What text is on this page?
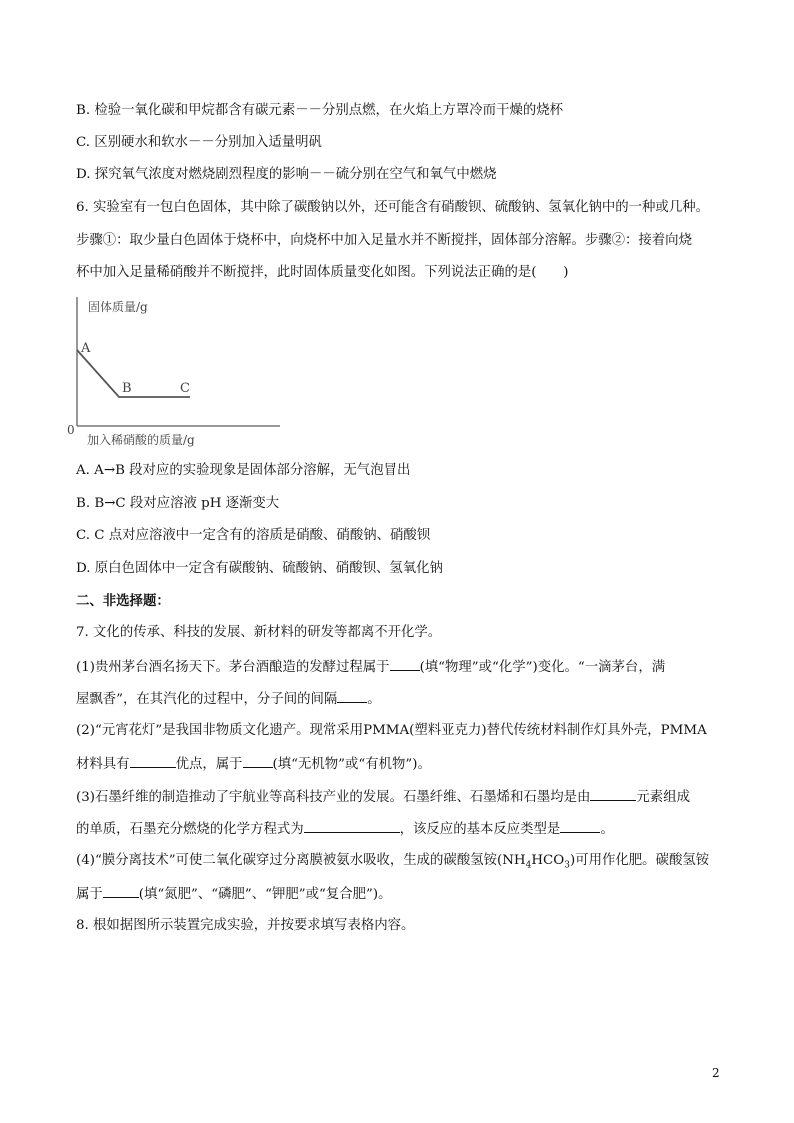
B. 检验一氧化碳和甲烷都含有碳元素－－分别点燃，在火焰上方罩冷而干燥的烧杯
C. 区别硬水和软水－－分别加入适量明矾
D. 探究氧气浓度对燃烧剧烈程度的影响－－硫分别在空气和氧气中燃烧
6. 实验室有一包白色固体，其中除了碳酸钠以外，还可能含有硝酸钡、硫酸钠、氢氧化钠中的一种或几种。
步骤①：取少量白色固体于烧杯中，向烧杯中加入足量水并不断搅拌，固体部分溶解。步骤②：接着向烧
杯中加入足量稀硝酸并不断搅拌，此时固体质量变化如图。下列说法正确的是(　　)
固体质量/g
加入稀硝酸的质量/g
0
A
B	C
A. A→B 段对应的实验现象是固体部分溶解，无气泡冒出
B. B→C 段对应溶液 pH 逐渐变大
C. C 点对应溶液中一定含有的溶质是硝酸、硝酸钠、硝酸钡
D. 原白色固体中一定含有碳酸钠、硫酸钠、硝酸钡、氢氧化钠
二、非选择题：
7. 文化的传承、科技的发展、新材料的研发等都离不开化学。
(1)贵州茅台酒名扬天下。茅台酒酿造的发酵过程属于 (填“物理”或“化学”)变化。“一滴茅台，满
屋飘香”，在其汽化的过程中，分子间的间隔 。
(2)“元宵花灯”是我国非物质文化遗产。现常采用PMMA(塑料亚克力)替代传统材料制作灯具外壳，PMMA
材料具有	优点，属于 (填“无机物”或“有机物”)。
(3)石墨纤维的制造推动了宇航业等高科技产业的发展。石墨纤维、石墨烯和石墨均是由	元素组成
的单质，石墨充分燃烧的化学方程式为	，该反应的基本反应类型是	。
(4)“膜分离技术”可使二氧化碳穿过分离膜被氨水吸收，生成的碳酸氢铵$(NH_4HCO_3)$可用作化肥。碳酸氢铵
属于	(填“氮肥”、“磷肥”、“钾肥”或“复合肥”)。
8. 根如据图所示装置完成实验，并按要求填写表格内容。
2
